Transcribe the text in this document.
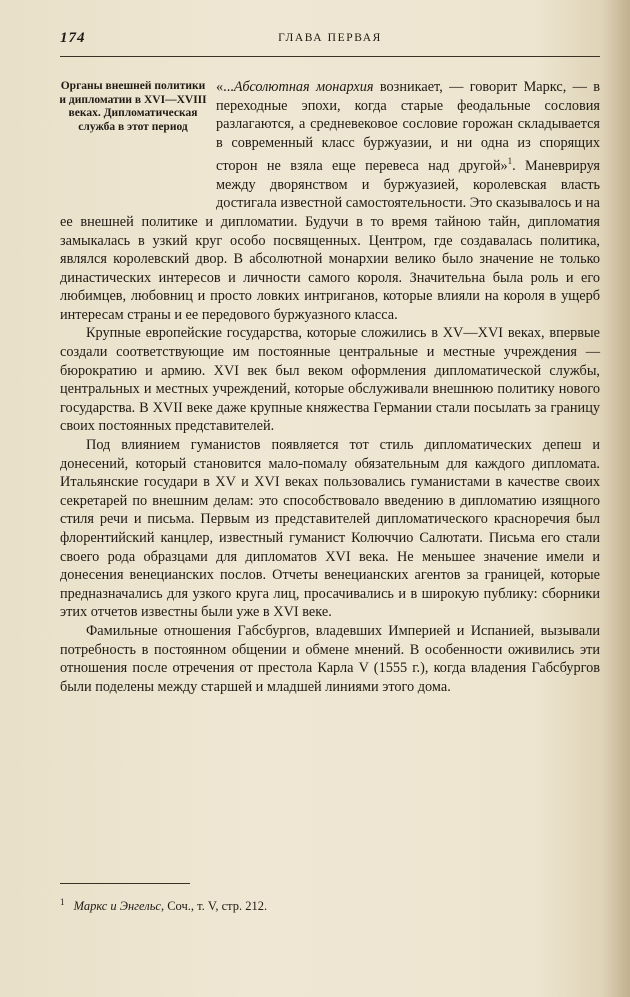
174	ГЛАВА ПЕРВАЯ
Органы внешней политики и дипломатии в XVI—XVIII веках. Дипломатическая служба в этот период

«...Абсолютная монархия возникает, — говорит Маркс, — в переходные эпохи, когда старые феодальные сословия разлагаются, а средневековое сословие горожан складывается в современный класс буржуазии, и ни одна из спорящих сторон не взяла еще перевеса над другой»$^1$. Маневрируя между дворянством и буржуазией, королевская власть достигала известной самостоятельности. Это сказывалось и на ее внешней политике и дипломатии. Будучи в то время тайною тайн, дипломатия замыкалась в узкий круг особо посвященных. Центром, где создавалась политика, являлся королевский двор. В абсолютной монархии велико было значение не только династических интересов и личности самого короля. Значительна была роль и его любимцев, любовниц и просто ловких интриганов, которые влияли на короля в ущерб интересам страны и ее передового буржуазного класса.

Крупные европейские государства, которые сложились в XV—XVI веках, впервые создали соответствующие им постоянные центральные и местные учреждения — бюрократию и армию. XVI век был веком оформления дипломатической службы, центральных и местных учреждений, которые обслуживали внешнюю политику нового государства. В XVII веке даже крупные княжества Германии стали посылать за границу своих постоянных представителей.

Под влиянием гуманистов появляется тот стиль дипломатических депеш и донесений, который становится мало-помалу обязательным для каждого дипломата. Итальянские государи в XV и XVI веках пользовались гуманистами в качестве своих секретарей по внешним делам: это способствовало введению в дипломатию изящного стиля речи и письма. Первым из представителей дипломатического красноречия был флорентийский канцлер, известный гуманист Колюччио Салютати. Письма его стали своего рода образцами для дипломатов XVI века. Не меньшее значение имели и донесения венецианских послов. Отчеты венецианских агентов за границей, которые предназначались для узкого круга лиц, просачивались и в широкую публику: сборники этих отчетов известны были уже в XVI веке.

Фамильные отношения Габсбургов, владевших Империей и Испанией, вызывали потребность в постоянном общении и обмене мнений. В особенности оживились эти отношения после отречения от престола Карла V (1555 г.), когда владения Габсбургов были поделены между старшей и младшей линиями этого дома.

$^1$ Маркс и Энгельс, Соч., т. V, стр. 212.
